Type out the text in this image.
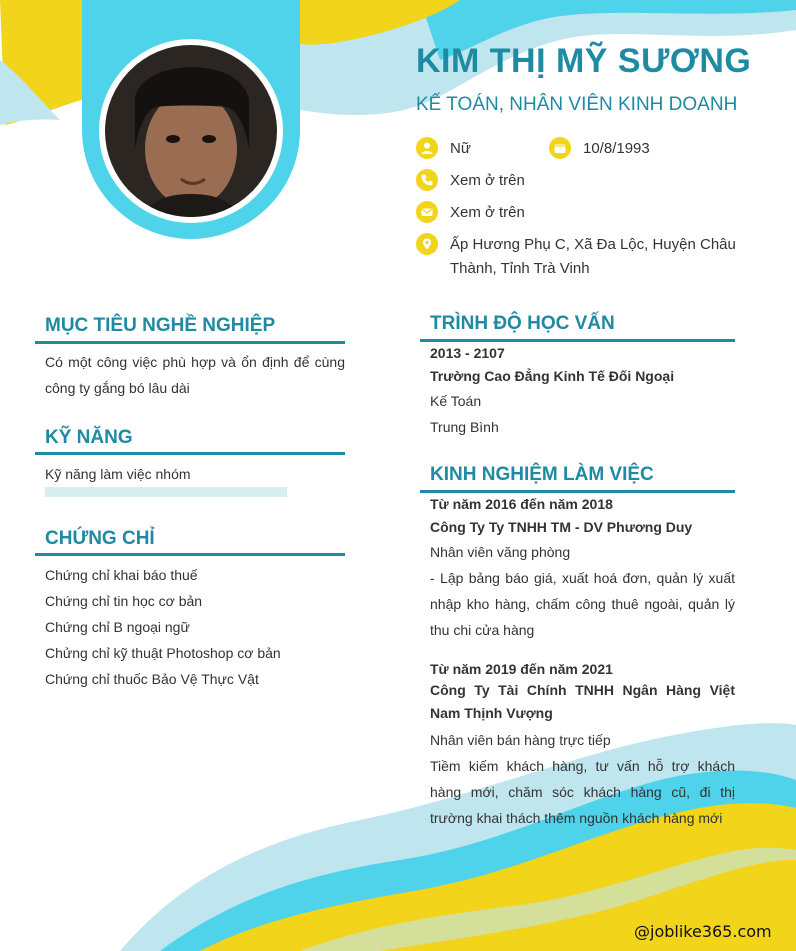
KIM THỊ MỸ SƯƠNG
KẾ TOÁN, NHÂN VIÊN KINH DOANH
Nữ	10/8/1993
Xem ở trên
Xem ở trên
Ấp Hương Phụ C, Xã Đa Lộc, Huyện Châu Thành, Tỉnh Trà Vinh
MỤC TIÊU NGHỀ NGHIỆP
Có một công việc phù hợp và ổn định để cùng công ty gắng bó lâu dài
KỸ NĂNG
Kỹ năng làm việc nhóm
CHỨNG CHỈ
Chứng chỉ khai báo thuế
Chứng chỉ tin học cơ bản
Chứng chỉ B ngoại ngữ
Chửng chỉ kỹ thuật Photoshop cơ bản
Chứng chỉ thuốc Bảo Vệ Thực Vật
TRÌNH ĐỘ HỌC VẤN
2013 - 2107
Trường Cao Đẳng Kinh Tế Đối Ngoại
Kế Toán
Trung Bình
KINH NGHIỆM LÀM VIỆC
Từ năm 2016 đến năm 2018
Công Ty Ty TNHH TM - DV Phương Duy
Nhân viên văng phòng
- Lập bảng báo giá, xuất hoá đơn, quản lý xuất nhập kho hàng, chấm công thuê ngoài, quản lý thu chi cửa hàng
Từ năm 2019 đến năm 2021
Công Ty Tài Chính TNHH Ngân Hàng Việt Nam Thịnh Vượng
Nhân viên bán hàng trực tiếp
Tiềm kiếm khách hàng, tư vấn hỗ trợ khách hàng mới, chăm sóc khách hàng cũ, đi thị trường khai thách thêm nguồn khách hàng mới
@joblike365.com
